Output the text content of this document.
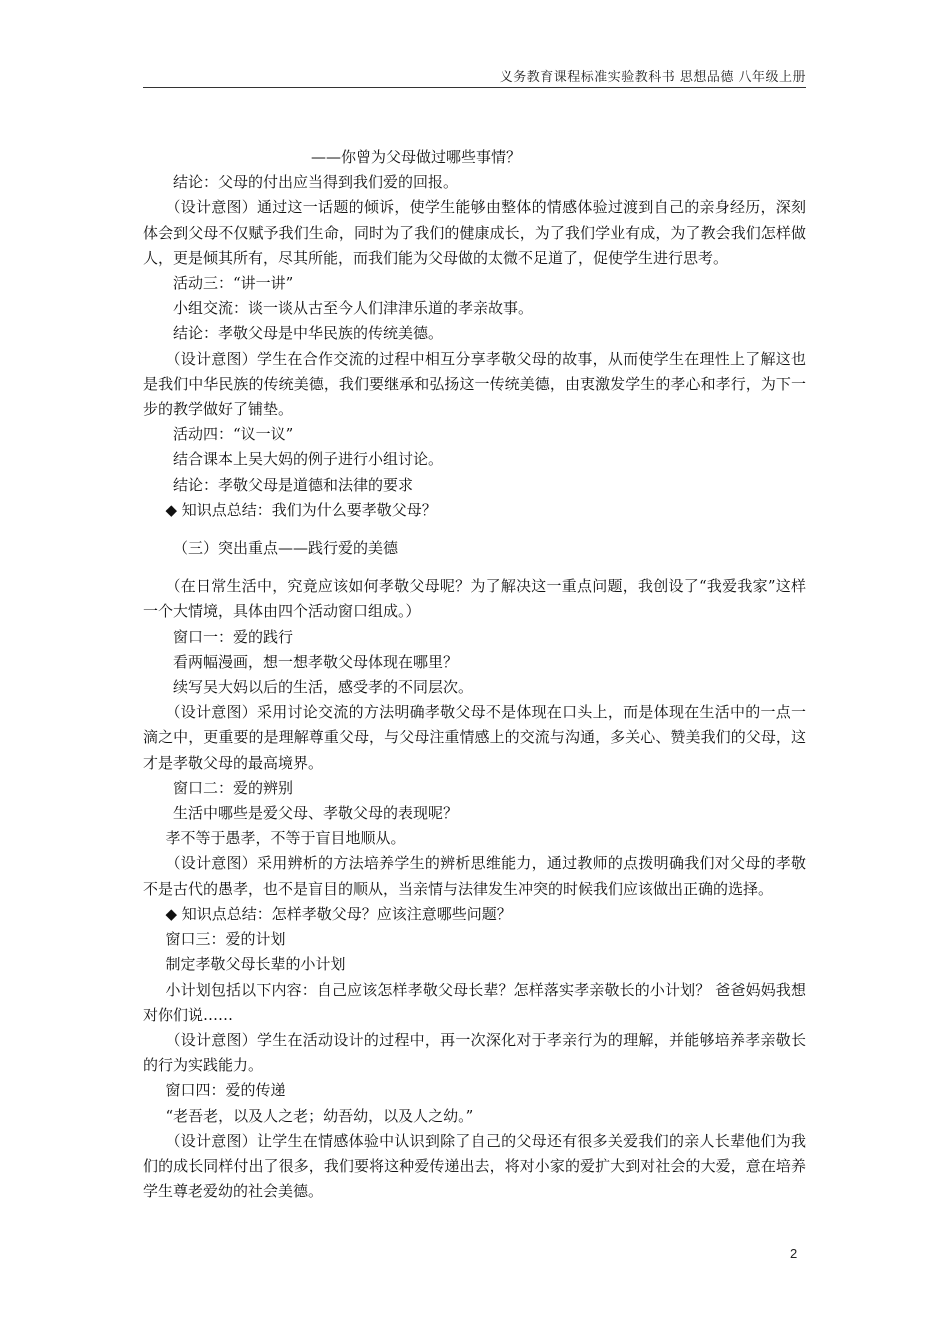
义务教育课程标准实验教科书 思想品德 八年级上册

——你曾为父母做过哪些事情？

结论：父母的付出应当得到我们爱的回报。

（设计意图）通过这一话题的倾诉，使学生能够由整体的情感体验过渡到自己的亲身经历，深刻体会到父母不仅赋予我们生命，同时为了我们的健康成长，为了我们学业有成，为了教会我们怎样做人，更是倾其所有，尽其所能，而我们能为父母做的太微不足道了，促使学生进行思考。

活动三：“讲一讲”

小组交流：谈一谈从古至今人们津津乐道的孝亲故事。

结论：孝敬父母是中华民族的传统美德。

（设计意图）学生在合作交流的过程中相互分享孝敬父母的故事，从而使学生在理性上了解这也是我们中华民族的传统美德，我们要继承和弘扬这一传统美德，由衷激发学生的孝心和孝行，为下一步的教学做好了铺垫。

活动四：“议一议”

结合课本上吴大妈的例子进行小组讨论。

结论：孝敬父母是道德和法律的要求

◆ 知识点总结：我们为什么要孝敬父母？

（三）突出重点——践行爱的美德

（在日常生活中，究竟应该如何孝敬父母呢？为了解决这一重点问题，我创设了“我爱我家”这样一个大情境，具体由四个活动窗口组成。）

窗口一：爱的践行

看两幅漫画，想一想孝敬父母体现在哪里？

续写吴大妈以后的生活，感受孝的不同层次。

（设计意图）采用讨论交流的方法明确孝敬父母不是体现在口头上，而是体现在生活中的一点一滴之中，更重要的是理解尊重父母，与父母注重情感上的交流与沟通，多关心、赞美我们的父母，这才是孝敬父母的最高境界。

窗口二：爱的辨别

生活中哪些是爱父母、孝敬父母的表现呢？

孝不等于愚孝，不等于盲目地顺从。

（设计意图）采用辨析的方法培养学生的辨析思维能力，通过教师的点拨明确我们对父母的孝敬不是古代的愚孝，也不是盲目的顺从，当亲情与法律发生冲突的时候我们应该做出正确的选择。

◆ 知识点总结：怎样孝敬父母？应该注意哪些问题？

窗口三：爱的计划

制定孝敬父母长辈的小计划

小计划包括以下内容：自己应该怎样孝敬父母长辈？怎样落实孝亲敬长的小计划？ 爸爸妈妈我想对你们说……

（设计意图）学生在活动设计的过程中，再一次深化对于孝亲行为的理解，并能够培养孝亲敬长的行为实践能力。

窗口四：爱的传递

“老吾老，以及人之老；幼吾幼，以及人之幼。”

（设计意图）让学生在情感体验中认识到除了自己的父母还有很多关爱我们的亲人长辈他们为我们的成长同样付出了很多，我们要将这种爱传递出去，将对小家的爱扩大到对社会的大爱，意在培养学生尊老爱幼的社会美德。

2
